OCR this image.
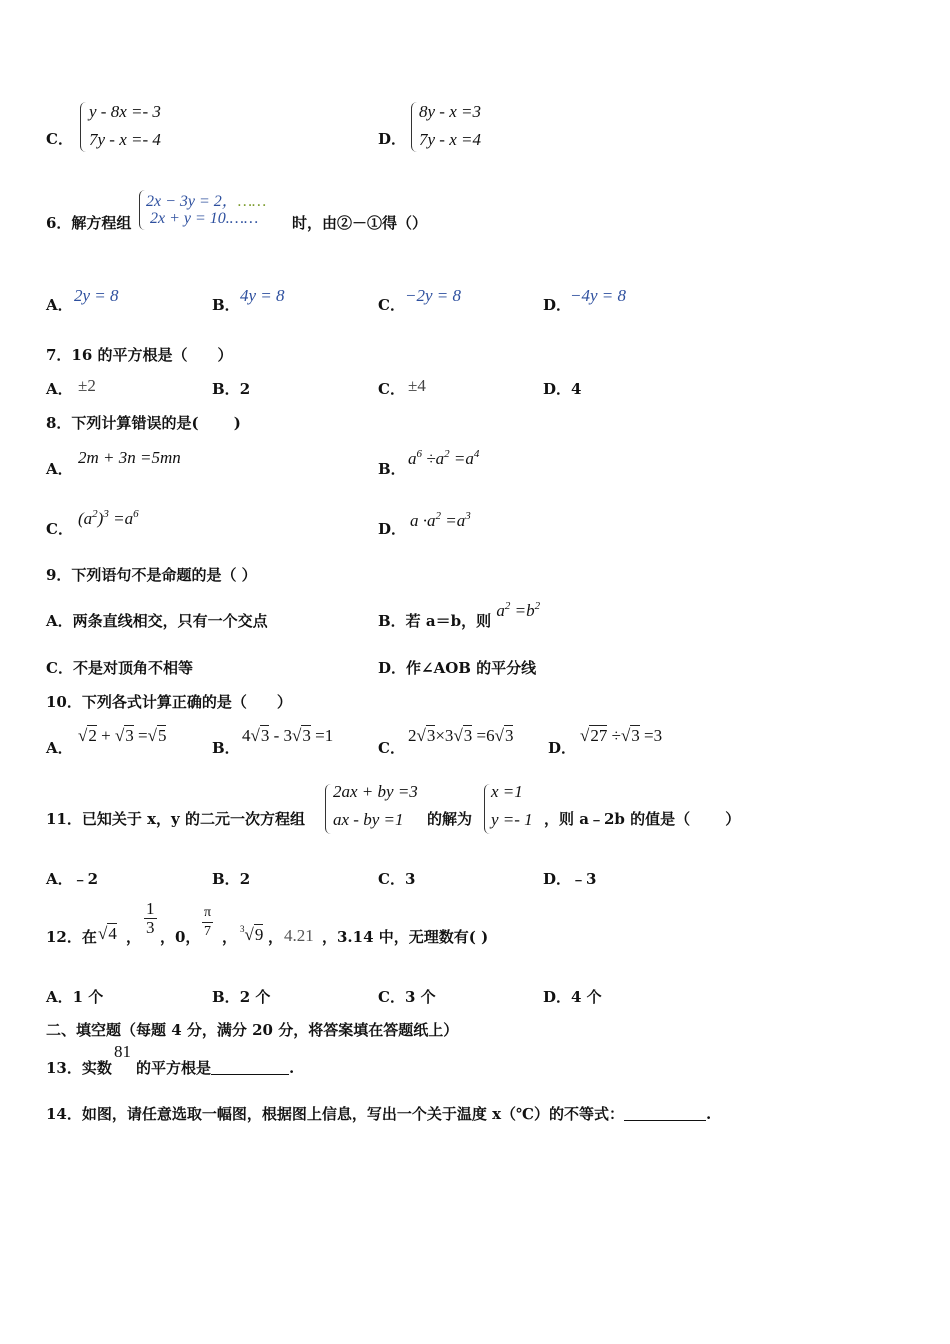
C．
y - 8x =- 3
7y - x =- 4	D．
8y - x =3
7y - x =4
6．解方程组
2x − 3y = 2，……
2x + y = 10.…… 时，由②－①得（）
A． 2y = 8	B． 4y = 8	C． −2y = 8	D．
−4y = 8
7．16 的平方根是（　　）
A． ±2	B．2	C． ±4	D．4
8．下列计算错误的是(　　 )
A．
2m + 3n =5mn
B．
$a^6 \div a^2 =a^4$
C．
$(a^2)^3 =a^6$
D． $a \cdot a^2 =a^3$
9．下列语句不是命题的是（ ）
A．两条直线相交，只有一个交点	B．若 a＝b，则 $a^2 =b^2$
C．不是对顶角不相等	D．作∠AOB 的平分线
10．下列各式计算正确的是（　　）
A．
√2 + √3 =√5
B．
4√3 - 3√3 =1
C．
2√3×3√3 =6√3
D．
√27 ÷√3 =3
11．已知关于 x，y 的二元一次方程组
2ax + by =3
ax - by =1 的解为
x =1
y =- 1 ，则 a﹣2b 的值是（　　 ）
A．﹣2	B．2	C．3	D．﹣3
12．在 √4 ， $\frac{1}{3}$ ，0， $\frac{\pi}{7}$ ， $^3$√9 ， 4.21 ，3.14 中，无理数有( )
A．1 个	B．2 个	C．3 个	D．4 个
二、填空题（每题 4 分，满分 20 分，将答案填在答题纸上）
13．实数
81
的平方根是	.
14．如图，请任意选取一幅图，根据图上信息，写出一个关于温度 x（℃）的不等式：	.
